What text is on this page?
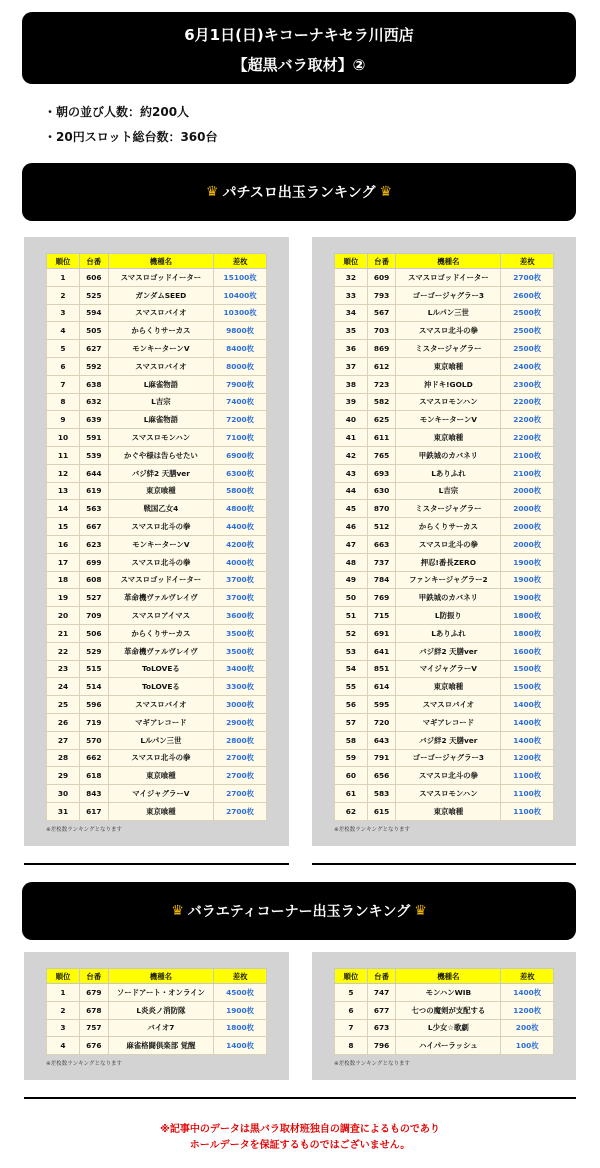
6月1日(日)キコーナキセラ川西店
【超黒バラ取材】②
・朝の並び人数：約200人
・20円スロット総台数：360台
♛ パチスロ出玉ランキング ♛
順位	台番	機種名	差枚
1	606	スマスロゴッドイーター	15100枚
2	525	ガンダムSEED	10400枚
3	594	スマスロバイオ	10300枚
4	505	からくりサーカス	9800枚
5	627	モンキーターンV	8400枚
6	592	スマスロバイオ	8000枚
7	638	L麻雀物語	7900枚
8	632	L吉宗	7400枚
9	639	L麻雀物語	7200枚
10	591	スマスロモンハン	7100枚
11	539	かぐや様は告らせたい	6900枚
12	644	バジ絆2 天膳ver	6300枚
13	619	東京喰種	5800枚
14	563	戦国乙女4	4800枚
15	667	スマスロ北斗の拳	4400枚
16	623	モンキーターンV	4200枚
17	699	スマスロ北斗の拳	4000枚
18	608	スマスロゴッドイーター	3700枚
19	527	革命機ヴァルヴレイヴ	3700枚
20	709	スマスロアイマス	3600枚
21	506	からくりサーカス	3500枚
22	529	革命機ヴァルヴレイヴ	3500枚
23	515	ToLOVEる	3400枚
24	514	ToLOVEる	3300枚
25	596	スマスロバイオ	3000枚
26	719	マギアレコード	2900枚
27	570	Lルパン三世	2800枚
28	662	スマスロ北斗の拳	2700枚
29	618	東京喰種	2700枚
30	843	マイジャグラーV	2700枚
31	617	東京喰種	2700枚
※差枚数ランキングとなります
順位	台番	機種名	差枚
32	609	スマスロゴッドイーター	2700枚
33	793	ゴーゴージャグラー3	2600枚
34	567	Lルパン三世	2500枚
35	703	スマスロ北斗の拳	2500枚
36	869	ミスタージャグラー	2500枚
37	612	東京喰種	2400枚
38	723	沖ドキ!GOLD	2300枚
39	582	スマスロモンハン	2200枚
40	625	モンキーターンV	2200枚
41	611	東京喰種	2200枚
42	765	甲鉄城のカバネリ	2100枚
43	693	Lありふれ	2100枚
44	630	L吉宗	2000枚
45	870	ミスタージャグラー	2000枚
46	512	からくりサーカス	2000枚
47	663	スマスロ北斗の拳	2000枚
48	737	押忍!番長ZERO	1900枚
49	784	ファンキージャグラー2	1900枚
50	769	甲鉄城のカバネリ	1900枚
51	715	L防振り	1800枚
52	691	Lありふれ	1800枚
53	641	バジ絆2 天膳ver	1600枚
54	851	マイジャグラーV	1500枚
55	614	東京喰種	1500枚
56	595	スマスロバイオ	1400枚
57	720	マギアレコード	1400枚
58	643	バジ絆2 天膳ver	1400枚
59	791	ゴーゴージャグラー3	1200枚
60	656	スマスロ北斗の拳	1100枚
61	583	スマスロモンハン	1100枚
62	615	東京喰種	1100枚
※差枚数ランキングとなります
♛ バラエティコーナー出玉ランキング ♛
順位	台番	機種名	差枚
1	679	ソードアート・オンライン	4500枚
2	678	L炎炎ノ消防隊	1900枚
3	757	バイオ7	1800枚
4	676	麻雀格闘倶楽部 覚醒	1400枚
※差枚数ランキングとなります
順位	台番	機種名	差枚
5	747	モンハンWIB	1400枚
6	677	七つの魔剣が支配する	1200枚
7	673	L少女☆歌劇	200枚
8	796	ハイパーラッシュ	100枚
※差枚数ランキングとなります
※記事中のデータは黒バラ取材班独自の調査によるものであり
ホールデータを保証するものではございません。
